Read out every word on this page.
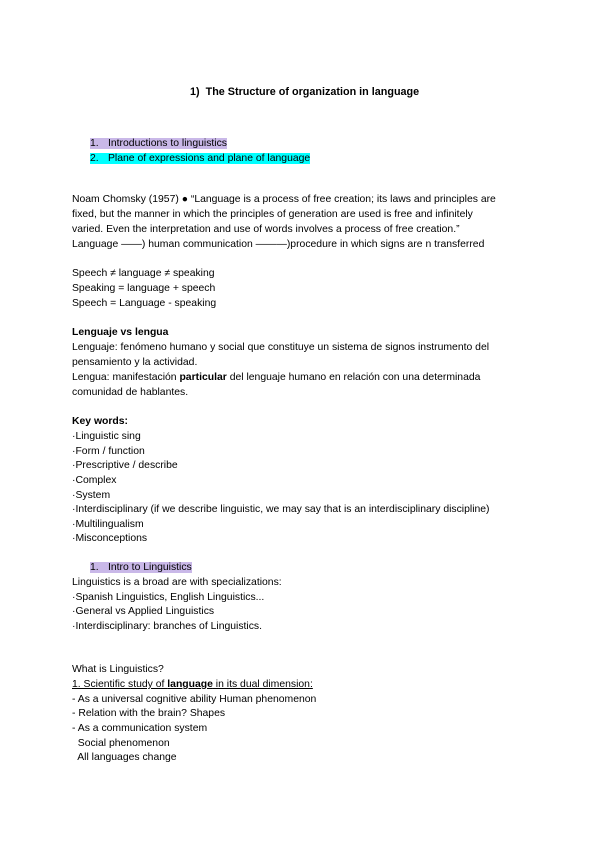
1)  The Structure of organization in language
1. Introductions to linguistics
2. Plane of expressions and plane of language
Noam Chomsky (1957) ● “Language is a process of free creation; its laws and principles are
fixed, but the manner in which the principles of generation are used is free and infinitely
varied. Even the interpretation and use of words involves a process of free creation.”
Language ——) human communication ———)procedure in which signs are n transferred
Speech ≠ language ≠ speaking
Speaking = language + speech
Speech = Language - speaking
Lenguaje vs lengua
Lenguaje: fenómeno humano y social que constituye un sistema de signos instrumento del
pensamiento y la actividad.
Lengua: manifestación particular del lenguaje humano en relación con una determinada
comunidad de hablantes.
Key words:
·Linguistic sing
·Form / function
·Prescriptive / describe
·Complex
·System
·Interdisciplinary (if we describe linguistic, we may say that is an interdisciplinary discipline)
·Multilingualism
·Misconceptions
1. Intro to Linguistics
Linguistics is a broad are with specializations:
·Spanish Linguistics, English Linguistics...
·General vs Applied Linguistics
·Interdisciplinary: branches of Linguistics.
What is Linguistics?
1. Scientific study of language in its dual dimension:
- As a universal cognitive ability Human phenomenon
- Relation with the brain? Shapes
- As a communication system
Social phenomenon
All languages change
